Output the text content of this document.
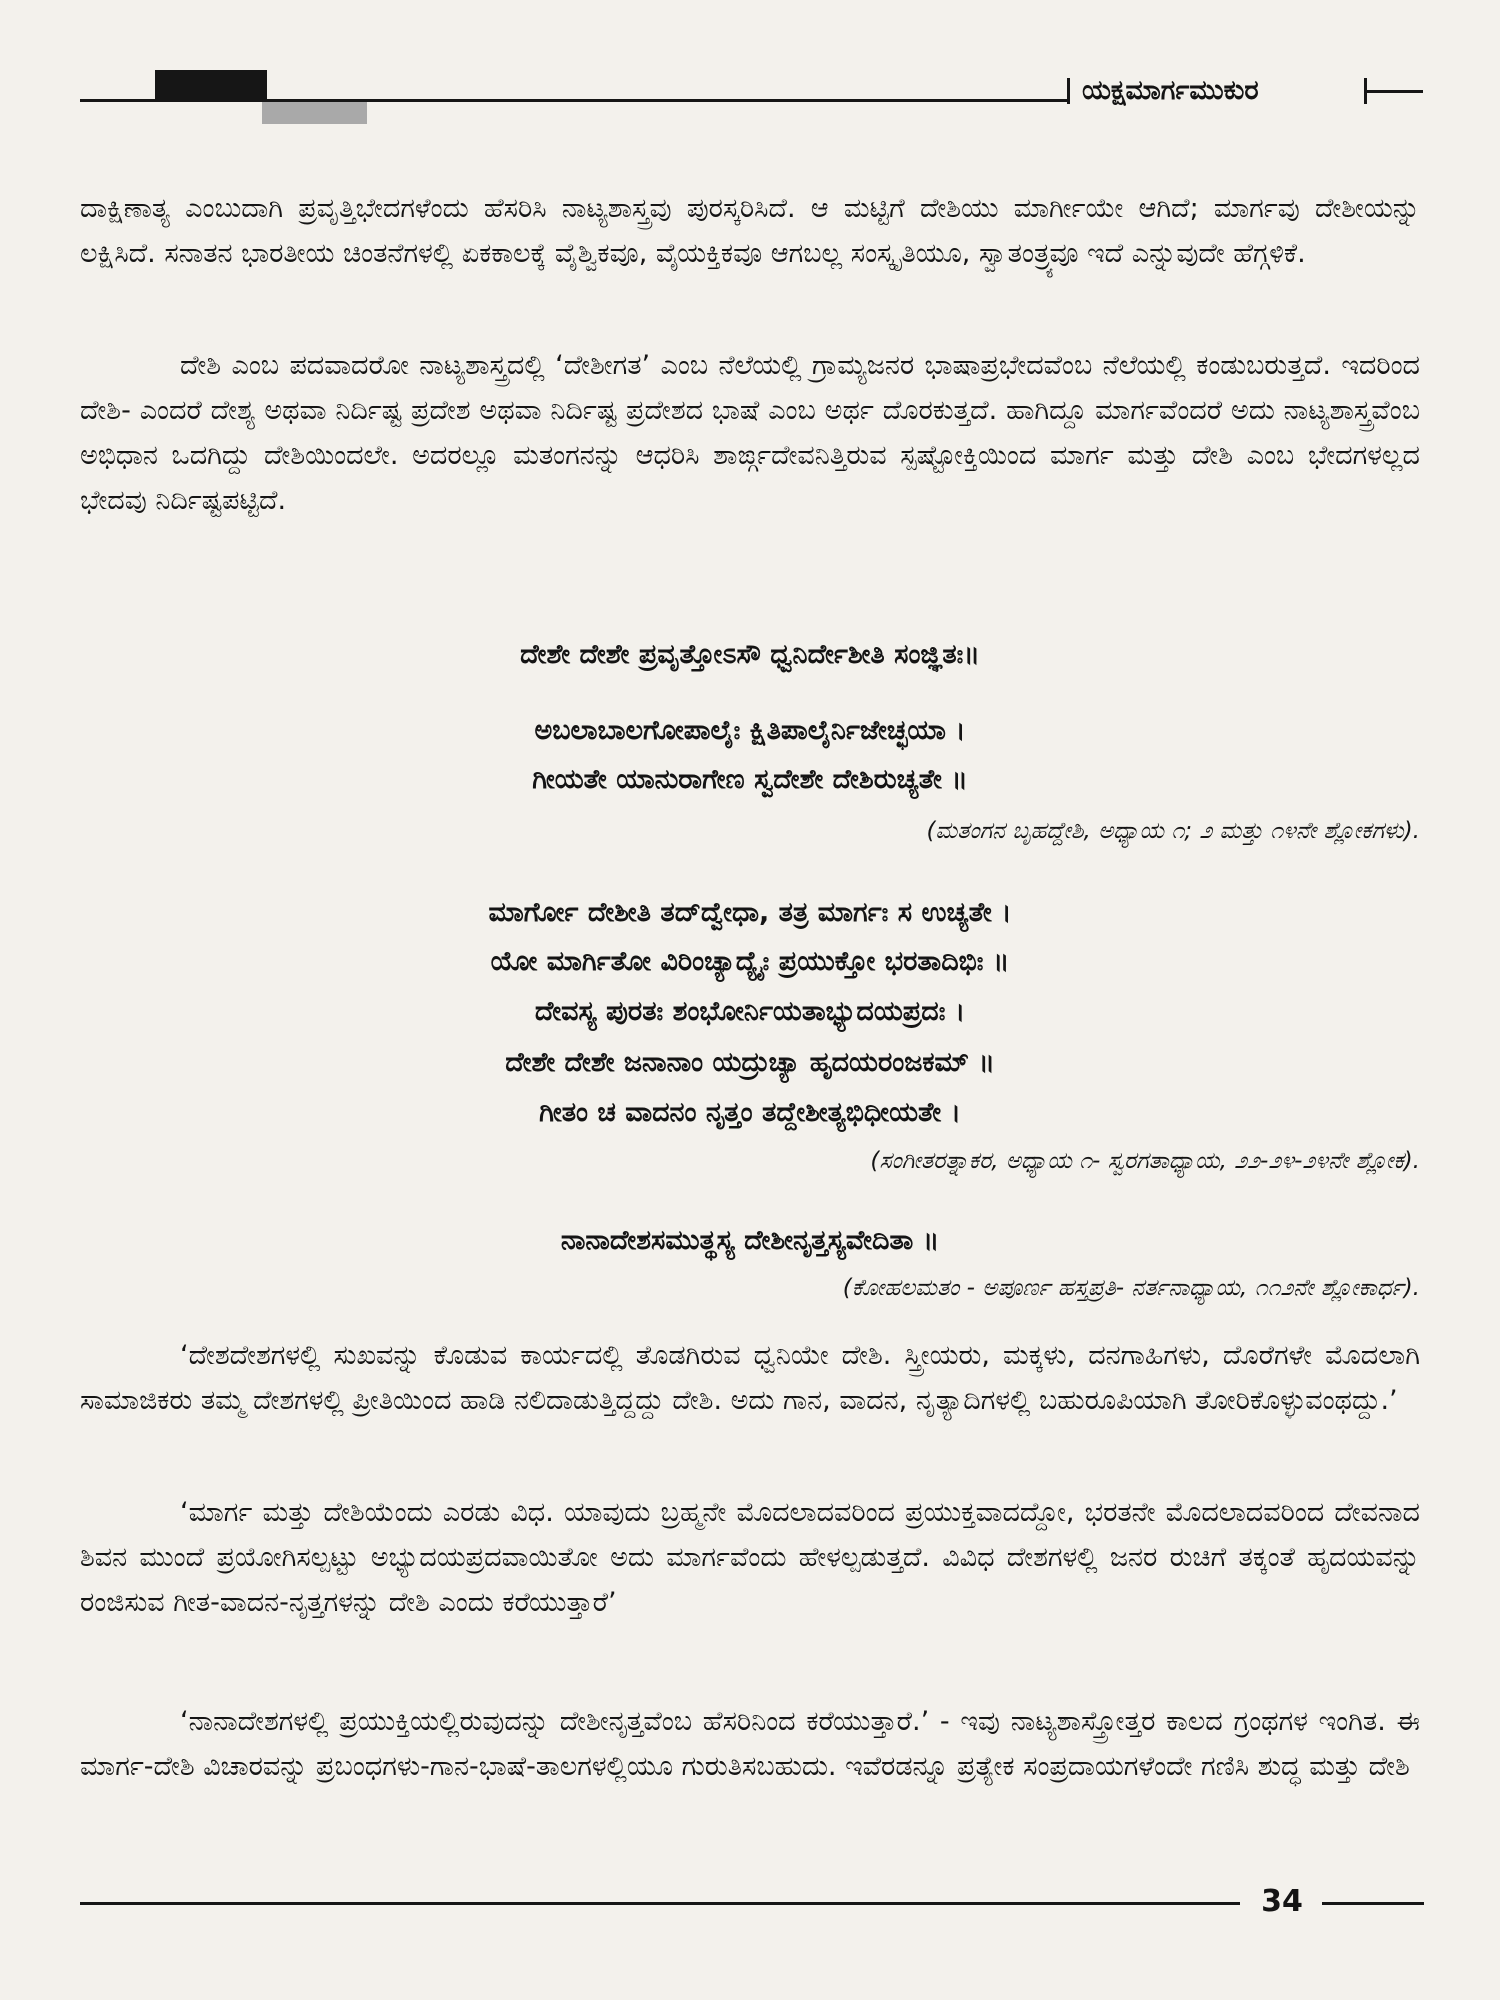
ಯಕ್ಷಮಾರ್ಗಮುಕುರ
ದಾಕ್ಷಿಣಾತ್ಯ ಎಂಬುದಾಗಿ ಪ್ರವೃತ್ತಿಭೇದಗಳೆಂದು ಹೆಸರಿಸಿ ನಾಟ್ಯಶಾಸ್ತ್ರವು ಪುರಸ್ಕರಿಸಿದೆ. ಆ ಮಟ್ಟಿಗೆ ದೇಶಿಯು ಮಾರ್ಗೀಯೇ ಆಗಿದೆ; ಮಾರ್ಗವು ದೇಶೀಯನ್ನು ಲಕ್ಷಿಸಿದೆ. ಸನಾತನ ಭಾರತೀಯ ಚಿಂತನೆಗಳಲ್ಲಿ ಏಕಕಾಲಕ್ಕೆ ವೈಶ್ವಿಕವೂ, ವೈಯಕ್ತಿಕವೂ ಆಗಬಲ್ಲ ಸಂಸ್ಕೃತಿಯೂ, ಸ್ವಾತಂತ್ರ್ಯವೂ ಇದೆ ಎನ್ನುವುದೇ ಹೆಗ್ಗಳಿಕೆ.
ದೇಶಿ ಎಂಬ ಪದವಾದರೋ ನಾಟ್ಯಶಾಸ್ತ್ರದಲ್ಲಿ ‘ದೇಶೀಗತ’ ಎಂಬ ನೆಲೆಯಲ್ಲಿ ಗ್ರಾಮ್ಯಜನರ ಭಾಷಾಪ್ರಭೇದವೆಂಬ ನೆಲೆಯಲ್ಲಿ ಕಂಡುಬರುತ್ತದೆ. ಇದರಿಂದ ದೇಶಿ- ಎಂದರೆ ದೇಶ್ಯ ಅಥವಾ ನಿರ್ದಿಷ್ಟ ಪ್ರದೇಶ ಅಥವಾ ನಿರ್ದಿಷ್ಟ ಪ್ರದೇಶದ ಭಾಷೆ ಎಂಬ ಅರ್ಥ ದೊರಕುತ್ತದೆ. ಹಾಗಿದ್ದೂ ಮಾರ್ಗವೆಂದರೆ ಅದು ನಾಟ್ಯಶಾಸ್ತ್ರವೆಂಬ ಅಭಿಧಾನ ಒದಗಿದ್ದು ದೇಶಿಯಿಂದಲೇ. ಅದರಲ್ಲೂ ಮತಂಗನನ್ನು ಆಧರಿಸಿ ಶಾರ್ಙ್ಗದೇವನಿತ್ತಿರುವ ಸ್ಪಷ್ಟೋಕ್ತಿಯಿಂದ ಮಾರ್ಗ ಮತ್ತು ದೇಶಿ ಎಂಬ ಭೇದಗಳಲ್ಲದ ಭೇದವು ನಿರ್ದಿಷ್ಟಪಟ್ಟಿದೆ.
ದೇಶೇ ದೇಶೇ ಪ್ರವೃತ್ತೋಽಸೌ ಧ್ವನಿರ್ದೇಶೀತಿ ಸಂಜ್ಞಿತಃ॥
ಅಬಲಾಬಾಲಗೋಪಾಲೈಃ ಕ್ಷಿತಿಪಾಲೈರ್ನಿಜೇಚ್ಛಯಾ ।
ಗೀಯತೇ ಯಾನುರಾಗೇಣ ಸ್ವದೇಶೇ ದೇಶಿರುಚ್ಯತೇ ॥
(ಮತಂಗನ ಬೃಹದ್ದೇಶಿ, ಅಧ್ಯಾಯ ೧; ೨ ಮತ್ತು ೧೪ನೇ ಶ್ಲೋಕಗಳು).
ಮಾರ್ಗೋ ದೇಶೀತಿ ತದ್‌ದ್ವೇಧಾ, ತತ್ರ ಮಾರ್ಗಃ ಸ ಉಚ್ಯತೇ ।
ಯೋ ಮಾರ್ಗಿತೋ ವಿರಿಂಚ್ಯಾದ್ಯೈಃ ಪ್ರಯುಕ್ತೋ ಭರತಾದಿಭಿಃ ॥
ದೇವಸ್ಯ ಪುರತಃ ಶಂಭೋರ್ನಿಯತಾಭ್ಯುದಯಪ್ರದಃ ।
ದೇಶೇ ದೇಶೇ ಜನಾನಾಂ ಯದ್ರುಚ್ಯಾ ಹೃದಯರಂಜಕಮ್ ॥
ಗೀತಂ ಚ ವಾದನಂ ನೃತ್ತಂ ತದ್ದೇಶೀತ್ಯಭಿಧೀಯತೇ ।
(ಸಂಗೀತರತ್ನಾಕರ, ಅಧ್ಯಾಯ ೧- ಸ್ವರಗತಾಧ್ಯಾಯ, ೨೨-೨೪-೨೪ನೇ ಶ್ಲೋಕ).
ನಾನಾದೇಶಸಮುತ್ಥಸ್ಯ ದೇಶೀನೃತ್ತಸ್ಯವೇದಿತಾ ॥
(ಕೋಹಲಮತಂ - ಅಪೂರ್ಣ ಹಸ್ತಪ್ರತಿ- ನರ್ತನಾಧ್ಯಾಯ, ೧೧೨ನೇ ಶ್ಲೋಕಾರ್ಧ).
‘ದೇಶದೇಶಗಳಲ್ಲಿ ಸುಖವನ್ನು ಕೊಡುವ ಕಾರ್ಯದಲ್ಲಿ ತೊಡಗಿರುವ ಧ್ವನಿಯೇ ದೇಶಿ. ಸ್ತ್ರೀಯರು, ಮಕ್ಕಳು, ದನಗಾಹಿಗಳು, ದೊರೆಗಳೇ ಮೊದಲಾಗಿ ಸಾಮಾಜಿಕರು ತಮ್ಮ ದೇಶಗಳಲ್ಲಿ ಪ್ರೀತಿಯಿಂದ ಹಾಡಿ ನಲಿದಾಡುತ್ತಿದ್ದದ್ದು ದೇಶಿ. ಅದು ಗಾನ, ವಾದನ, ನೃತ್ಯಾದಿಗಳಲ್ಲಿ ಬಹುರೂಪಿಯಾಗಿ ತೋರಿಕೊಳ್ಳುವಂಥದ್ದು.’
‘ಮಾರ್ಗ ಮತ್ತು ದೇಶಿಯೆಂದು ಎರಡು ವಿಧ. ಯಾವುದು ಬ್ರಹ್ಮನೇ ಮೊದಲಾದವರಿಂದ ಪ್ರಯುಕ್ತವಾದದ್ದೋ, ಭರತನೇ ಮೊದಲಾದವರಿಂದ ದೇವನಾದ ಶಿವನ ಮುಂದೆ ಪ್ರಯೋಗಿಸಲ್ಪಟ್ಟು ಅಭ್ಯುದಯಪ್ರದವಾಯಿತೋ ಅದು ಮಾರ್ಗವೆಂದು ಹೇಳಲ್ಪಡುತ್ತದೆ. ವಿವಿಧ ದೇಶಗಳಲ್ಲಿ ಜನರ ರುಚಿಗೆ ತಕ್ಕಂತೆ ಹೃದಯವನ್ನು ರಂಜಿಸುವ ಗೀತ-ವಾದನ-ನೃತ್ತಗಳನ್ನು ದೇಶಿ ಎಂದು ಕರೆಯುತ್ತಾರೆ’
‘ನಾನಾದೇಶಗಳಲ್ಲಿ ಪ್ರಯುಕ್ತಿಯಲ್ಲಿರುವುದನ್ನು ದೇಶೀನೃತ್ತವೆಂಬ ಹೆಸರಿನಿಂದ ಕರೆಯುತ್ತಾರೆ.’ - ಇವು ನಾಟ್ಯಶಾಸ್ತ್ರೋತ್ತರ ಕಾಲದ ಗ್ರಂಥಗಳ ಇಂಗಿತ. ಈ ಮಾರ್ಗ-ದೇಶಿ ವಿಚಾರವನ್ನು ಪ್ರಬಂಧಗಳು-ಗಾನ-ಭಾಷೆ-ತಾಲಗಳಲ್ಲಿಯೂ ಗುರುತಿಸಬಹುದು. ಇವೆರಡನ್ನೂ ಪ್ರತ್ಯೇಕ ಸಂಪ್ರದಾಯಗಳೆಂದೇ ಗಣಿಸಿ ಶುದ್ಧ ಮತ್ತು ದೇಶಿ
34
